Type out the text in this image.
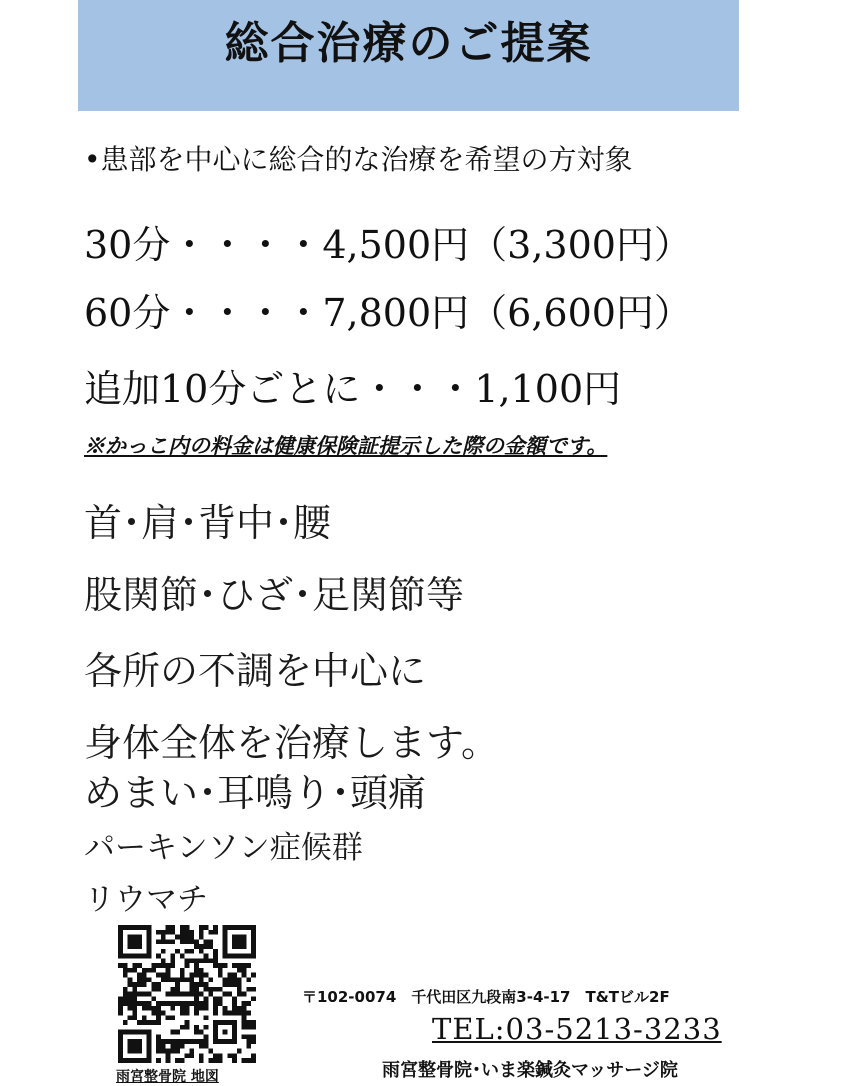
総合治療のご提案
•患部を中心に総合的な治療を希望の方対象
30分・・・・4,500円（3,300円）
60分・・・・7,800円（6,600円）
追加10分ごとに・・・1,100円
※かっこ内の料金は健康保険証提示した際の金額です。
首･肩･背中･腰
股関節･ひざ･足関節等
各所の不調を中心に
身体全体を治療します。
めまい･耳鳴り･頭痛
パーキンソン症候群
リウマチ
雨宮整骨院 地図
〒102-0074　千代田区九段南3-4-17　T&Tビル2F
TEL:03-5213-3233
雨宮整骨院･いま楽鍼灸マッサージ院
